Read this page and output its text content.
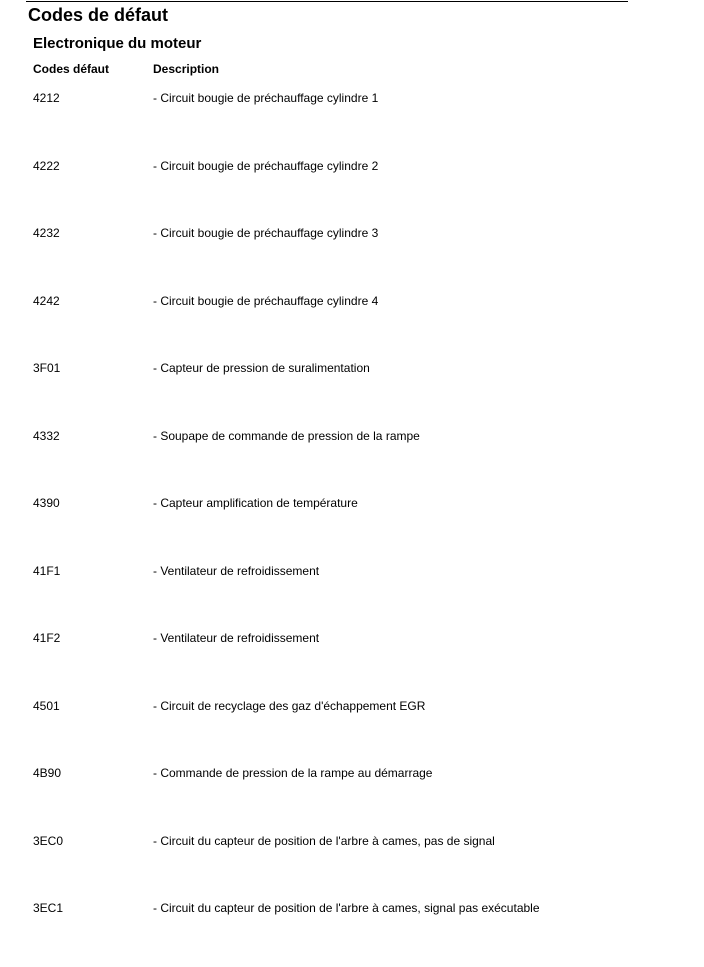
Codes de défaut
Electronique du moteur
Codes défaut	Description
4212	- Circuit bougie de préchauffage cylindre 1
4222	- Circuit bougie de préchauffage cylindre 2
4232	- Circuit bougie de préchauffage cylindre 3
4242	- Circuit bougie de préchauffage cylindre 4
3F01	- Capteur de pression de suralimentation
4332	- Soupape de commande de pression de la rampe
4390	- Capteur amplification de température
41F1	- Ventilateur de refroidissement
41F2	- Ventilateur de refroidissement
4501	- Circuit de recyclage des gaz d'échappement EGR
4B90	- Commande de pression de la rampe au démarrage
3EC0	- Circuit du capteur de position de l'arbre à cames, pas de signal
3EC1	- Circuit du capteur de position de l'arbre à cames, signal pas exécutable
